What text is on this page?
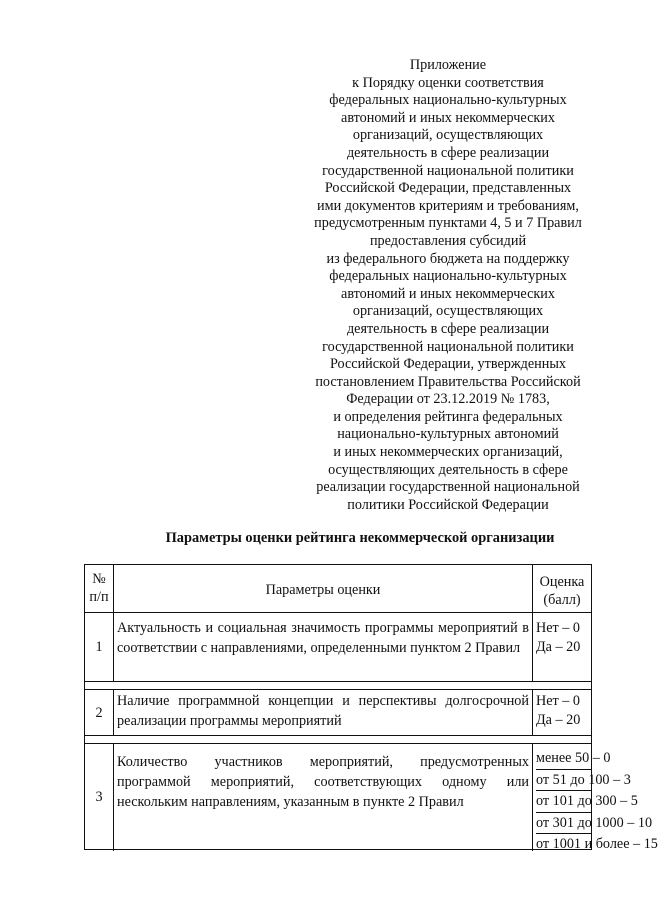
Приложение
к Порядку оценки соответствия
федеральных национально-культурных
автономий и иных некоммерческих
организаций, осуществляющих
деятельность в сфере реализации
государственной национальной политики
Российской Федерации, представленных
ими документов критериям и требованиям,
предусмотренным пунктами 4, 5 и 7 Правил
предоставления субсидий
из федерального бюджета на поддержку
федеральных национально-культурных
автономий и иных некоммерческих
организаций, осуществляющих
деятельность в сфере реализации
государственной национальной политики
Российской Федерации, утвержденных
постановлением Правительства Российской
Федерации от 23.12.2019 № 1783,
и определения рейтинга федеральных
национально-культурных автономий
и иных некоммерческих организаций,
осуществляющих деятельность в сфере
реализации государственной национальной
политики Российской Федерации
Параметры оценки рейтинга некоммерческой организации
№
п/п	Параметры оценки	Оценка
(балл)
1
Актуальность и социальная значимость программы мероприятий в соответствии с направлениями, определенными пунктом 2 Правил
Нет – 0
Да – 20
2
Наличие программной концепции и перспективы долгосрочной реализации программы мероприятий
Нет – 0
Да – 20
3
Количество участников мероприятий, предусмотренных программой мероприятий, соответствующих одному или нескольким направлениям, указанным в пункте 2 Правил
менее 50 – 0
от 51 до 100 – 3
от 101 до 300 – 5
от 301 до 1000 – 10
от 1001 и более – 15
